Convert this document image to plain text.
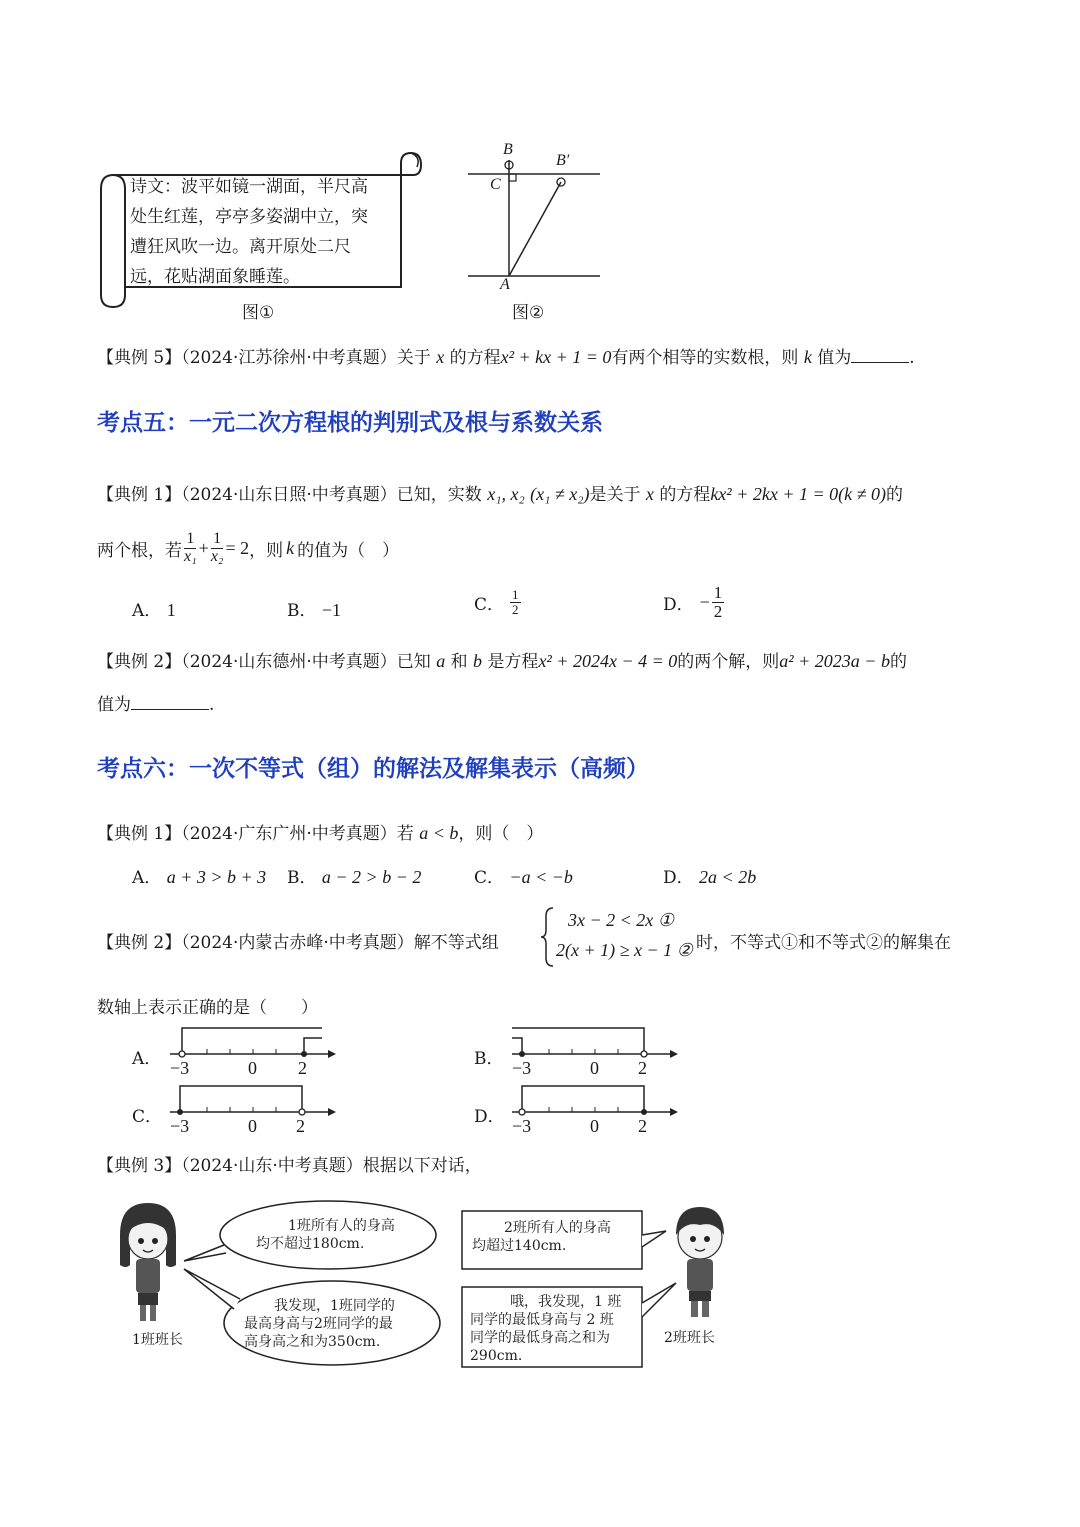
诗文：波平如镜一湖面，半尺高
处生红莲，亭亭多姿湖中立，突
遭狂风吹一边。离开原处二尺
远，花贴湖面象睡莲。
图①
B
B′
C
A
图②
【典例 5】（2024·江苏徐州·中考真题）关于 x 的方程x² + kx + 1 = 0有两个相等的实数根，则 k 值为	.
考点五：一元二次方程根的判别式及根与系数关系
【典例 1】（2024·山东日照·中考真题）已知，实数 x₁, x₂ (x₁ ≠ x₂)是关于 x 的方程kx² + 2kx + 1 = 0(k ≠ 0)的
两个根，若 $\frac{1}{\text{x₁}} + \frac{1}{\text{x₂}} = 2$ ，则 k 的值为（　）
A． 1	B． −1	C． $\frac{1}{2}$	D． − $\frac{1}{2}$
【典例 2】（2024·山东德州·中考真题）已知 a 和 b 是方程x² + 2024x − 4 = 0的两个解，则a² + 2023a − b的
值为	.
考点六：一次不等式（组）的解法及解集表示（高频）
【典例 1】（2024·广东广州·中考真题）若 a < b，则（　）
A． a + 3 > b + 3 B． a − 2 > b − 2	C． −a < −b	D． 2a < 2b
【典例 2】（2024·内蒙古赤峰·中考真题）解不等式组
3x − 2 < 2x ①
2(x + 1) ≥ x − 1 ② 时，不等式①和不等式②的解集在
数轴上表示正确的是（　　）
A． −3	0 2	B． −3	0 2
C． −3	0 2	D． −3	0 2
【典例 3】（2024·山东·中考真题）根据以下对话，
1班所有人的身高
均不超过180cm.
我发现，1班同学的
最高身高与2班同学的最
高身高之和为350cm.
2班所有人的身高
均超过140cm.
哦，我发现，1 班
同学的最低身高与 2 班
同学的最低身高之和为
290cm.
1班班长	2班班长
